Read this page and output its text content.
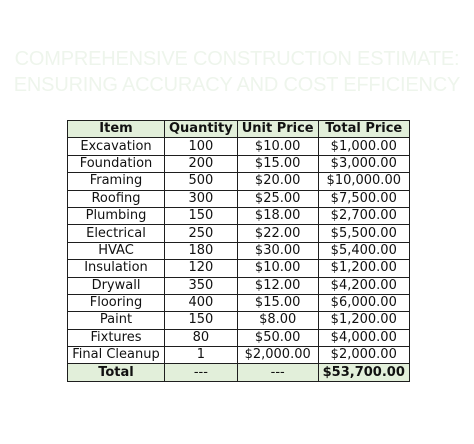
COMPREHENSIVE CONSTRUCTION ESTIMATE:
ENSURING ACCURACY AND COST EFFICIENCY
Item	Quantity	Unit Price	Total Price
Excavation	100	$10.00	$1,000.00
Foundation	200	$15.00	$3,000.00
Framing	500	$20.00	$10,000.00
Roofing	300	$25.00	$7,500.00
Plumbing	150	$18.00	$2,700.00
Electrical	250	$22.00	$5,500.00
HVAC	180	$30.00	$5,400.00
Insulation	120	$10.00	$1,200.00
Drywall	350	$12.00	$4,200.00
Flooring	400	$15.00	$6,000.00
Paint	150	$8.00	$1,200.00
Fixtures	80	$50.00	$4,000.00
Final Cleanup	1	$2,000.00	$2,000.00
Total	---	---	$53,700.00
